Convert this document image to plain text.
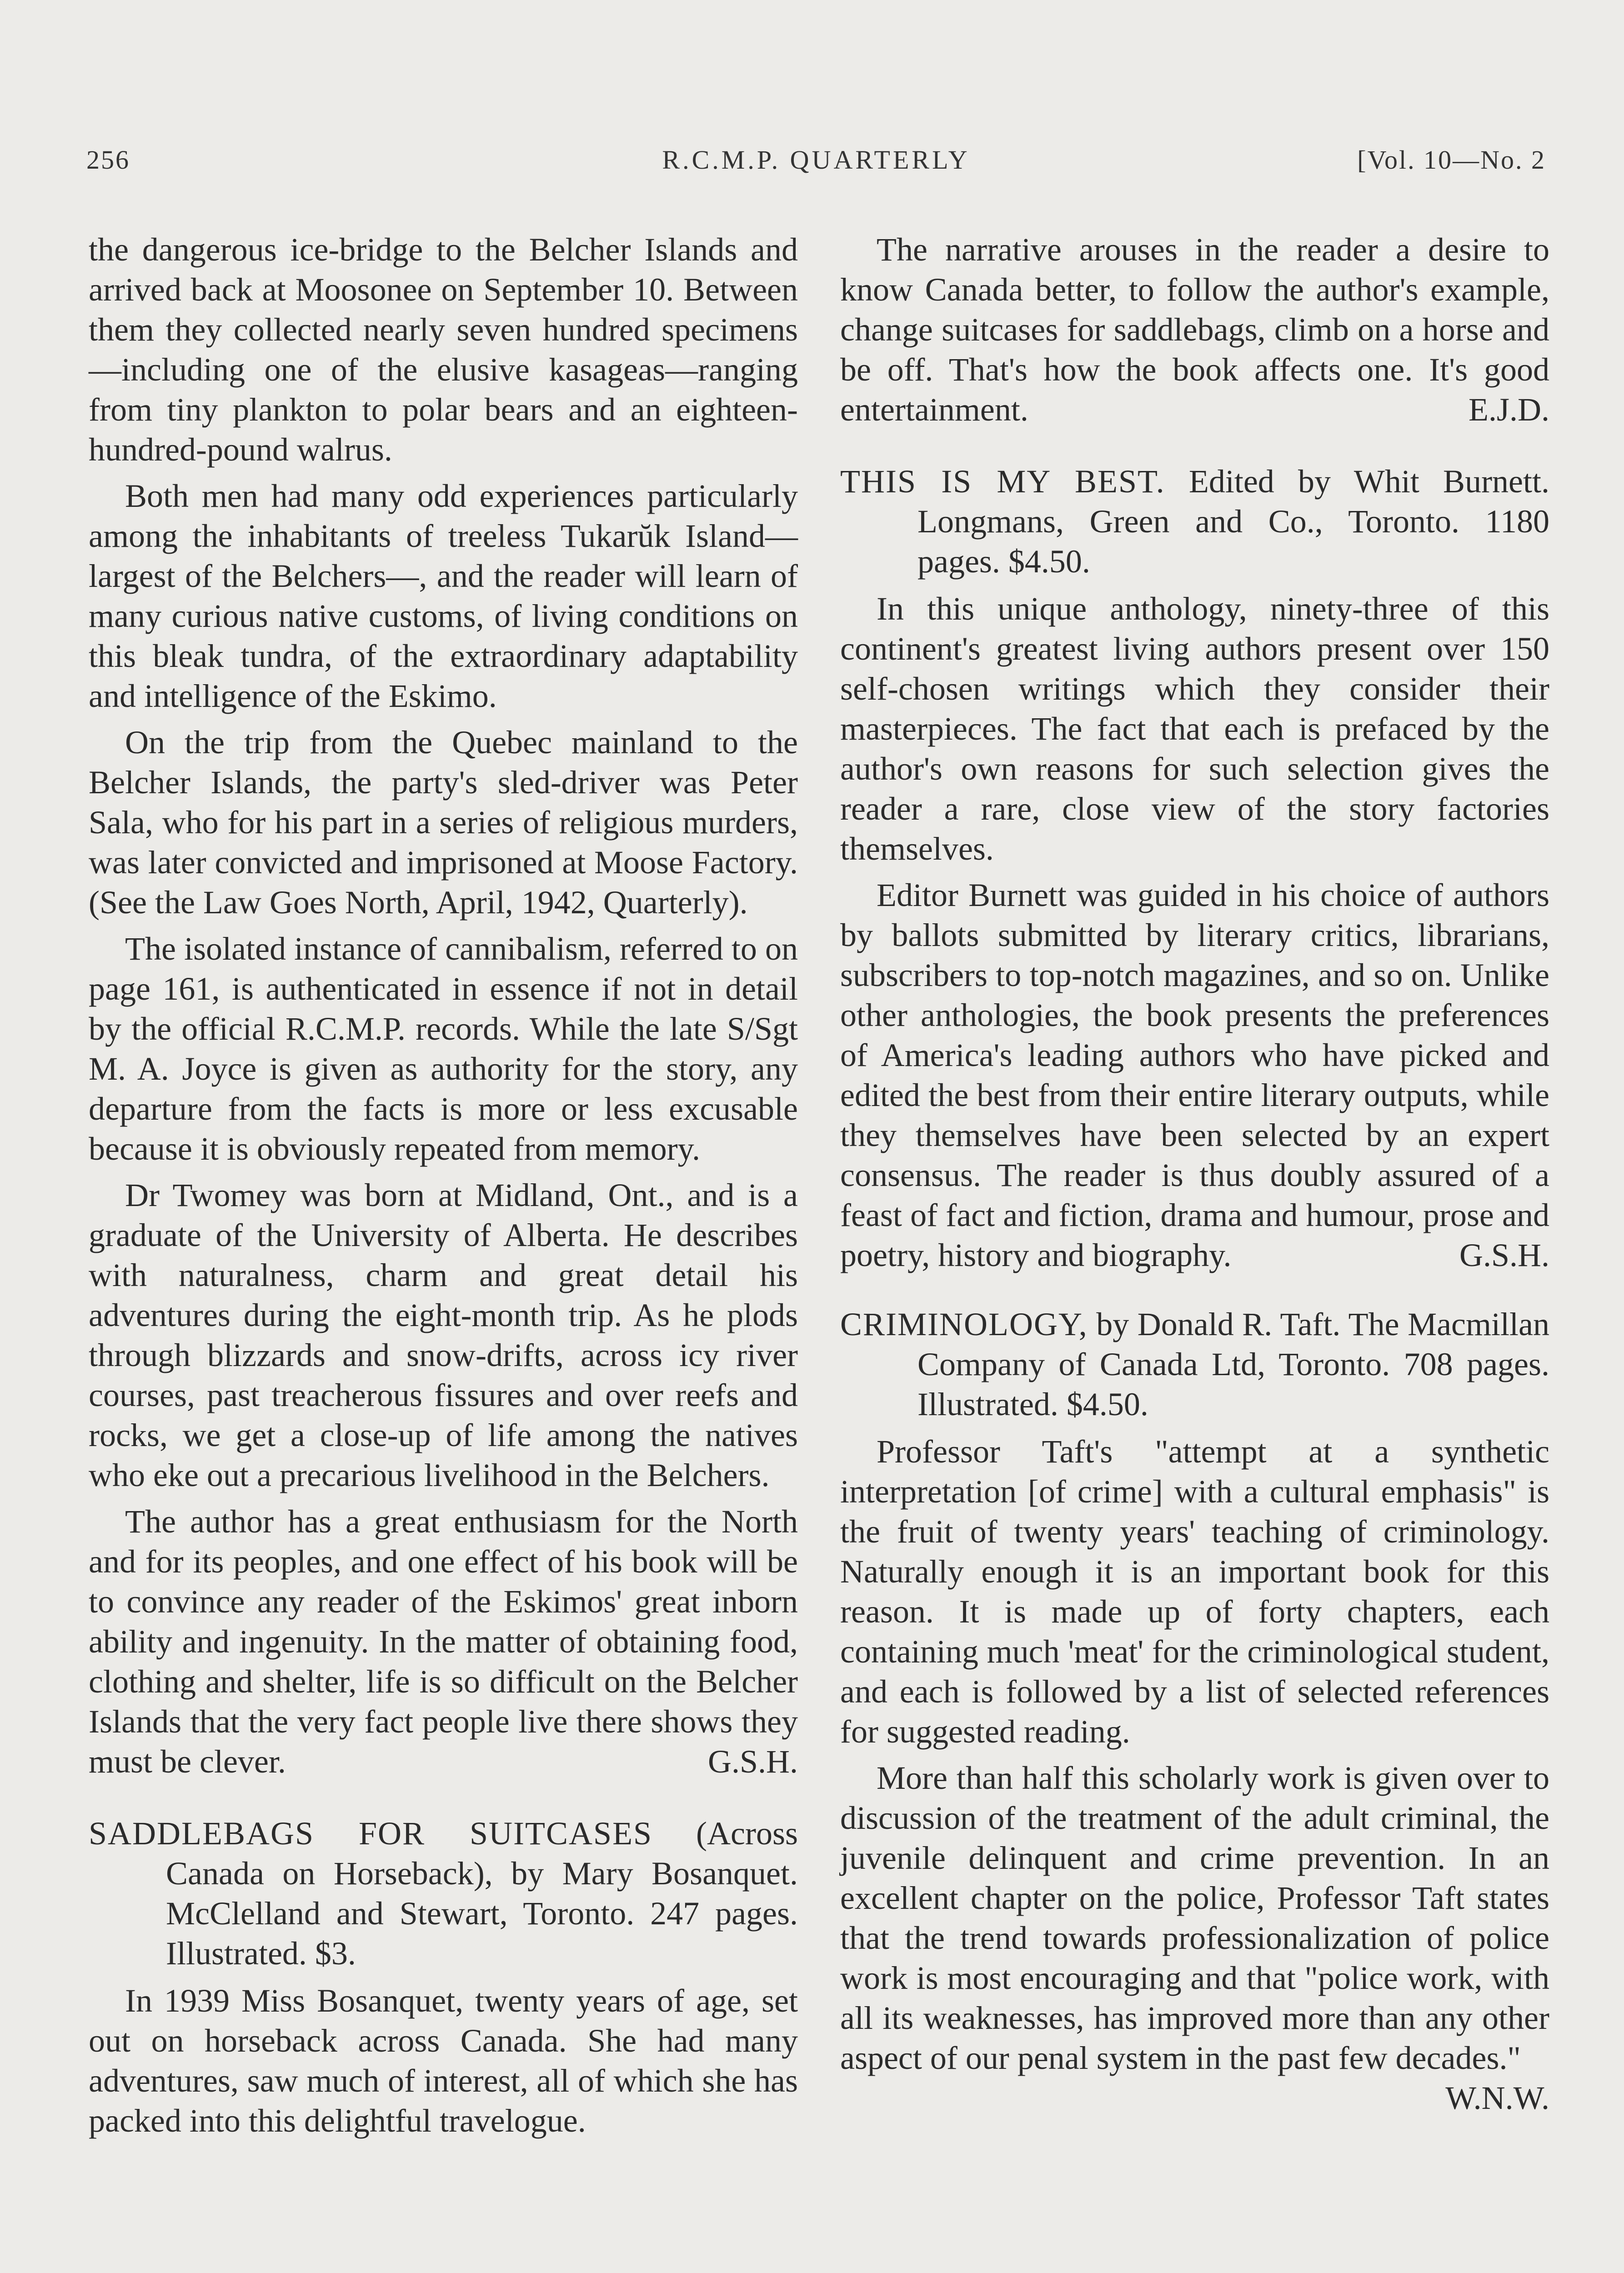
256	R.C.M.P. QUARTERLY	[Vol. 10—No. 2

the dangerous ice-bridge to the Belcher Islands and arrived back at Moosonee on September 10. Between them they collected nearly seven hundred specimens—including one of the elusive kasageas—ranging from tiny plankton to polar bears and an eighteen-hundred-pound walrus.

Both men had many odd experiences particularly among the inhabitants of treeless Tukarŭk Island—largest of the Belchers—, and the reader will learn of many curious native customs, of living conditions on this bleak tundra, of the extraordinary adaptability and intelligence of the Eskimo.

On the trip from the Quebec mainland to the Belcher Islands, the party's sled-driver was Peter Sala, who for his part in a series of religious murders, was later convicted and imprisoned at Moose Factory. (See the Law Goes North, April, 1942, Quarterly).

The isolated instance of cannibalism, referred to on page 161, is authenticated in essence if not in detail by the official R.C.M.P. records. While the late S/Sgt M. A. Joyce is given as authority for the story, any departure from the facts is more or less excusable because it is obviously repeated from memory.

Dr Twomey was born at Midland, Ont., and is a graduate of the University of Alberta. He describes with naturalness, charm and great detail his adventures during the eight-month trip. As he plods through blizzards and snow-drifts, across icy river courses, past treacherous fissures and over reefs and rocks, we get a close-up of life among the natives who eke out a precarious livelihood in the Belchers.

The author has a great enthusiasm for the North and for its peoples, and one effect of his book will be to convince any reader of the Eskimos' great inborn ability and ingenuity. In the matter of obtaining food, clothing and shelter, life is so difficult on the Belcher Islands that the very fact people live there shows they must be clever.	G.S.H.

SADDLEBAGS FOR SUITCASES (Across Canada on Horseback), by Mary Bosanquet. McClelland and Stewart, Toronto. 247 pages. Illustrated. $3.

In 1939 Miss Bosanquet, twenty years of age, set out on horseback across Canada. She had many adventures, saw much of interest, all of which she has packed into this delightful travelogue.

The narrative arouses in the reader a desire to know Canada better, to follow the author's example, change suitcases for saddlebags, climb on a horse and be off. That's how the book affects one. It's good entertainment.	E.J.D.

THIS IS MY BEST. Edited by Whit Burnett. Longmans, Green and Co., Toronto. 1180 pages. $4.50.

In this unique anthology, ninety-three of this continent's greatest living authors present over 150 self-chosen writings which they consider their masterpieces. The fact that each is prefaced by the author's own reasons for such selection gives the reader a rare, close view of the story factories themselves.

Editor Burnett was guided in his choice of authors by ballots submitted by literary critics, librarians, subscribers to top-notch magazines, and so on. Unlike other anthologies, the book presents the preferences of America's leading authors who have picked and edited the best from their entire literary outputs, while they themselves have been selected by an expert consensus. The reader is thus doubly assured of a feast of fact and fiction, drama and humour, prose and poetry, history and biography.	G.S.H.

CRIMINOLOGY, by Donald R. Taft. The Macmillan Company of Canada Ltd, Toronto. 708 pages. Illustrated. $4.50.

Professor Taft's "attempt at a synthetic interpretation [of crime] with a cultural emphasis" is the fruit of twenty years' teaching of criminology. Naturally enough it is an important book for this reason. It is made up of forty chapters, each containing much 'meat' for the criminological student, and each is followed by a list of selected references for suggested reading.

More than half this scholarly work is given over to discussion of the treatment of the adult criminal, the juvenile delinquent and crime prevention. In an excellent chapter on the police, Professor Taft states that the trend towards professionalization of police work is most encouraging and that "police work, with all its weaknesses, has improved more than any other aspect of our penal system in the past few decades."
W.N.W.
